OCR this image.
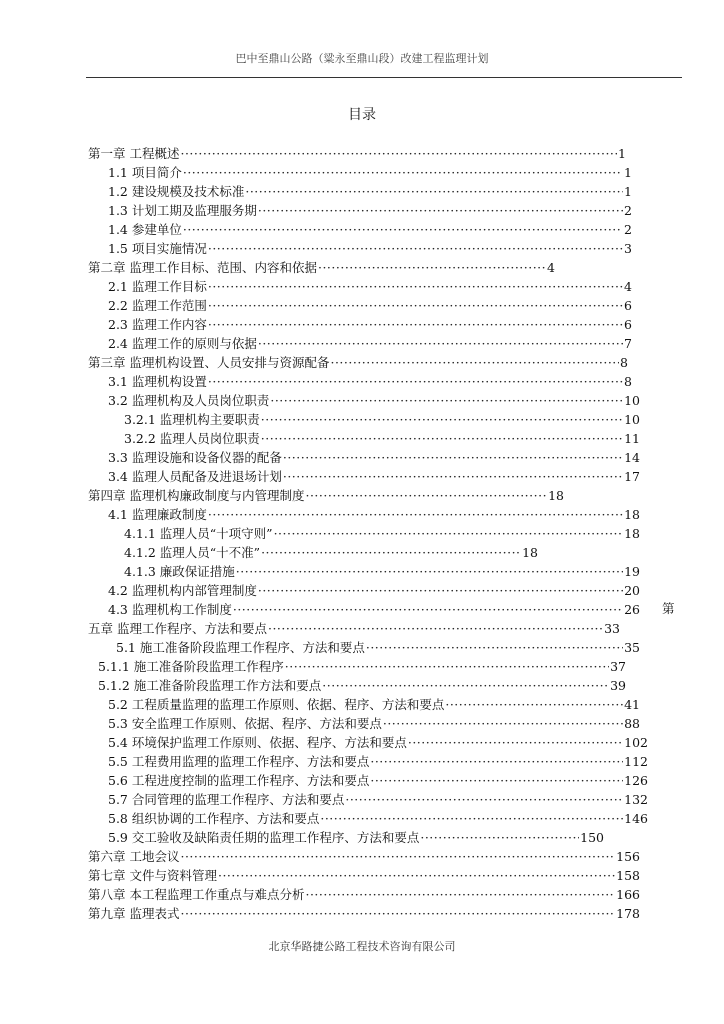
巴中至鼎山公路（粱永至鼎山段）改建工程监理计划
目录
第一章 工程概述 ·····	1
1.1 项目简介 ·····	1
1.2 建设规模及技术标准 ·····	1
1.3 计划工期及监理服务期 ·····	2
1.4 参建单位 ·····	2
1.5 项目实施情况 ·····	3
第二章 监理工作目标、范围、内容和依据 ·····	4
2.1 监理工作目标 ·····	4
2.2 监理工作范围 ·····	6
2.3 监理工作内容 ·····	6
2.4 监理工作的原则与依据 ·····	7
第三章 监理机构设置、人员安排与资源配备 ·····	8
3.1 监理机构设置 ·····	8
3.2 监理机构及人员岗位职责 ·····	10
3.2.1 监理机构主要职责 ·····	10
3.2.2 监理人员岗位职责 ·····	11
3.3 监理设施和设备仪器的配备 ·····	14
3.4 监理人员配备及进退场计划 ·····	17
第四章 监理机构廉政制度与内管理制度 ·····	18
4.1 监理廉政制度 ·····	18
4.1.1 监理人员“十项守则” ·····	18
4.1.2 监理人员“十不准” ·····	18
4.1.3 廉政保证措施 ·····	19
4.2 监理机构内部管理制度 ·····	20
4.3 监理机构工作制度 ·····	26
五章 监理工作程序、方法和要点 ·····	33
5.1 施工准备阶段监理工作程序、方法和要点 ·····	35
5.1.1 施工准备阶段监理工作程序 ·····	37
5.1.2 施工准备阶段监理工作方法和要点 ·····	39
5.2 工程质量监理的监理工作原则、依据、程序、方法和要点 ·····	41
5.3 安全监理工作原则、依据、程序、方法和要点 ·····	88
5.4 环境保护监理工作原则、依据、程序、方法和要点 ·····	102
5.5 工程费用监理的监理工作程序、方法和要点 ·····	112
5.6 工程进度控制的监理工作程序、方法和要点 ·····	126
5.7 合同管理的监理工作程序、方法和要点 ·····	132
5.8 组织协调的工作程序、方法和要点 ·····	146
5.9 交工验收及缺陷责任期的监理工作程序、方法和要点 ·····	150
第六章 工地会议 ·····	156
第七章 文件与资料管理 ·····	158
第八章 本工程监理工作重点与难点分析 ·····	166
第九章 监理表式 ·····	178
第
北京华路捷公路工程技术咨询有限公司
